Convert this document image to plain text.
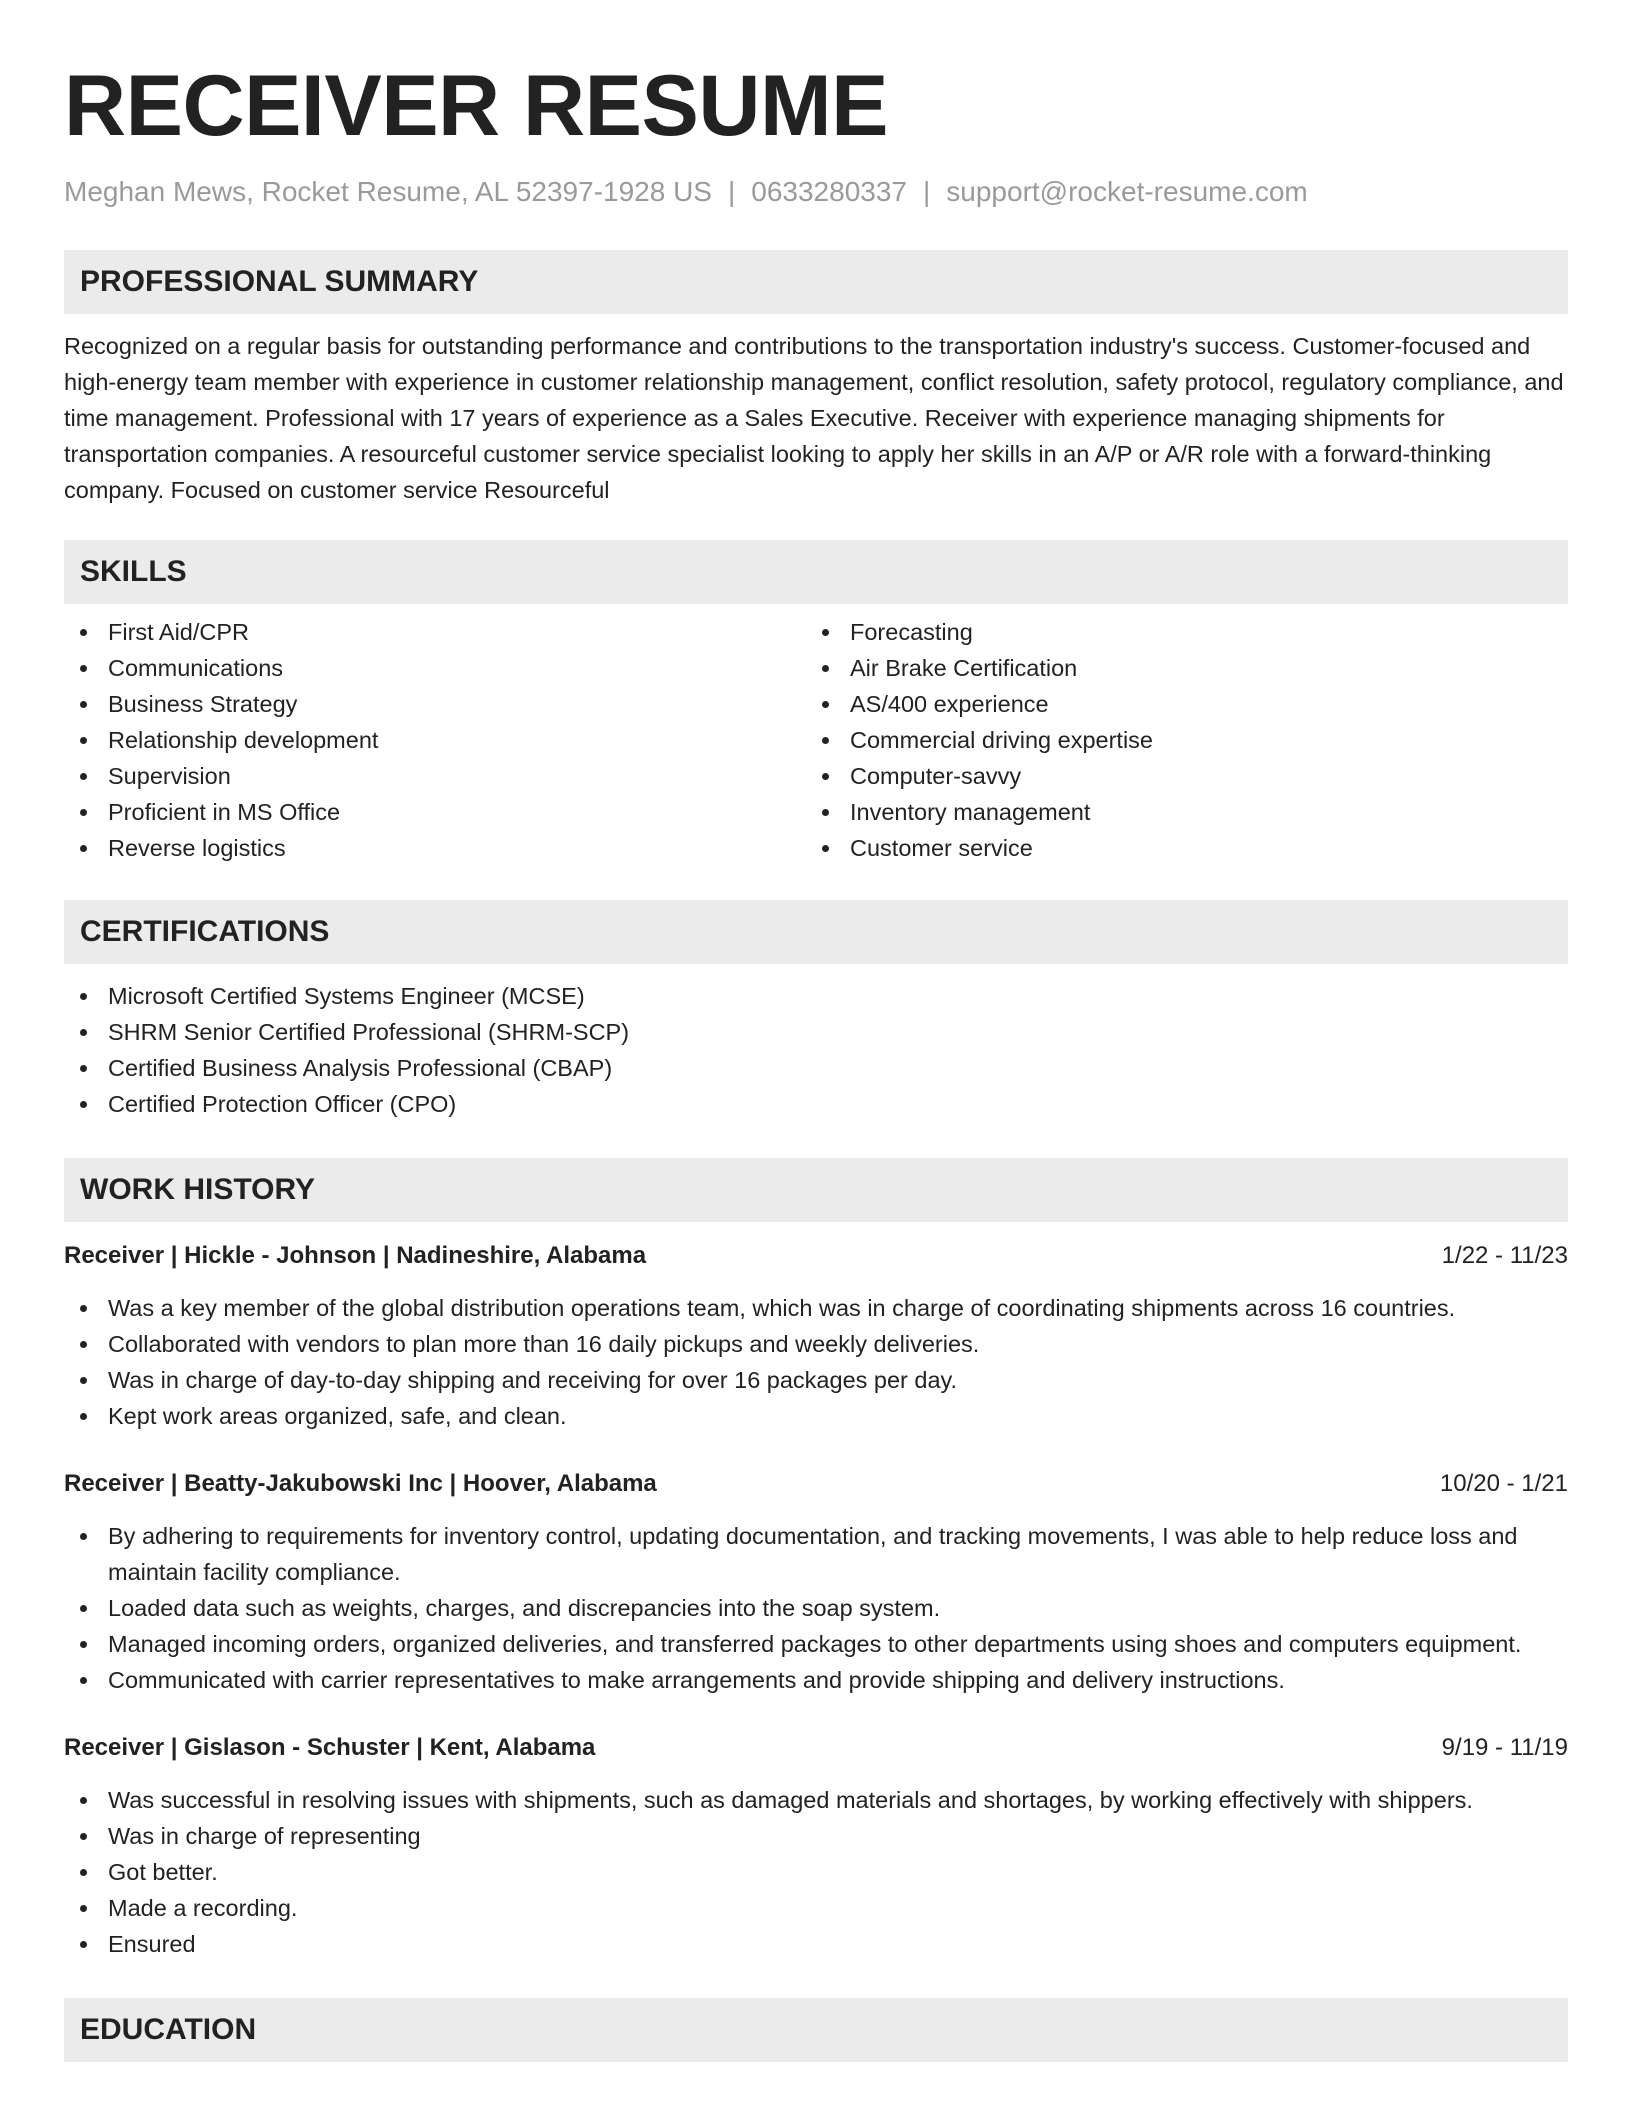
RECEIVER RESUME
Meghan Mews, Rocket Resume, AL 52397-1928 US | 0633280337 | support@rocket-resume.com
PROFESSIONAL SUMMARY

Recognized on a regular basis for outstanding performance and contributions to the transportation industry's success. Customer-focused and high-energy team member with experience in customer relationship management, conflict resolution, safety protocol, regulatory compliance, and time management. Professional with 17 years of experience as a Sales Executive. Receiver with experience managing shipments for transportation companies. A resourceful customer service specialist looking to apply her skills in an A/P or A/R role with a forward-thinking company. Focused on customer service Resourceful

SKILLS
First Aid/CPR
Communications
Business Strategy
Relationship development
Supervision
Proficient in MS Office
Reverse logistics
Forecasting
Air Brake Certification
AS/400 experience
Commercial driving expertise
Computer-savvy
Inventory management
Customer service
CERTIFICATIONS
Microsoft Certified Systems Engineer (MCSE)
SHRM Senior Certified Professional (SHRM-SCP)
Certified Business Analysis Professional (CBAP)
Certified Protection Officer (CPO)
WORK HISTORY
Receiver | Hickle - Johnson | Nadineshire, Alabama	1/22 - 11/23
Was a key member of the global distribution operations team, which was in charge of coordinating shipments across 16 countries.
Collaborated with vendors to plan more than 16 daily pickups and weekly deliveries.
Was in charge of day-to-day shipping and receiving for over 16 packages per day.
Kept work areas organized, safe, and clean.
Receiver | Beatty-Jakubowski Inc | Hoover, Alabama	10/20 - 1/21
By adhering to requirements for inventory control, updating documentation, and tracking movements, I was able to help reduce loss and maintain facility compliance.
Loaded data such as weights, charges, and discrepancies into the soap system.
Managed incoming orders, organized deliveries, and transferred packages to other departments using shoes and computers equipment.
Communicated with carrier representatives to make arrangements and provide shipping and delivery instructions.
Receiver | Gislason - Schuster | Kent, Alabama	9/19 - 11/19
Was successful in resolving issues with shipments, such as damaged materials and shortages, by working effectively with shippers.
Was in charge of representing
Got better.
Made a recording.
Ensured
EDUCATION
